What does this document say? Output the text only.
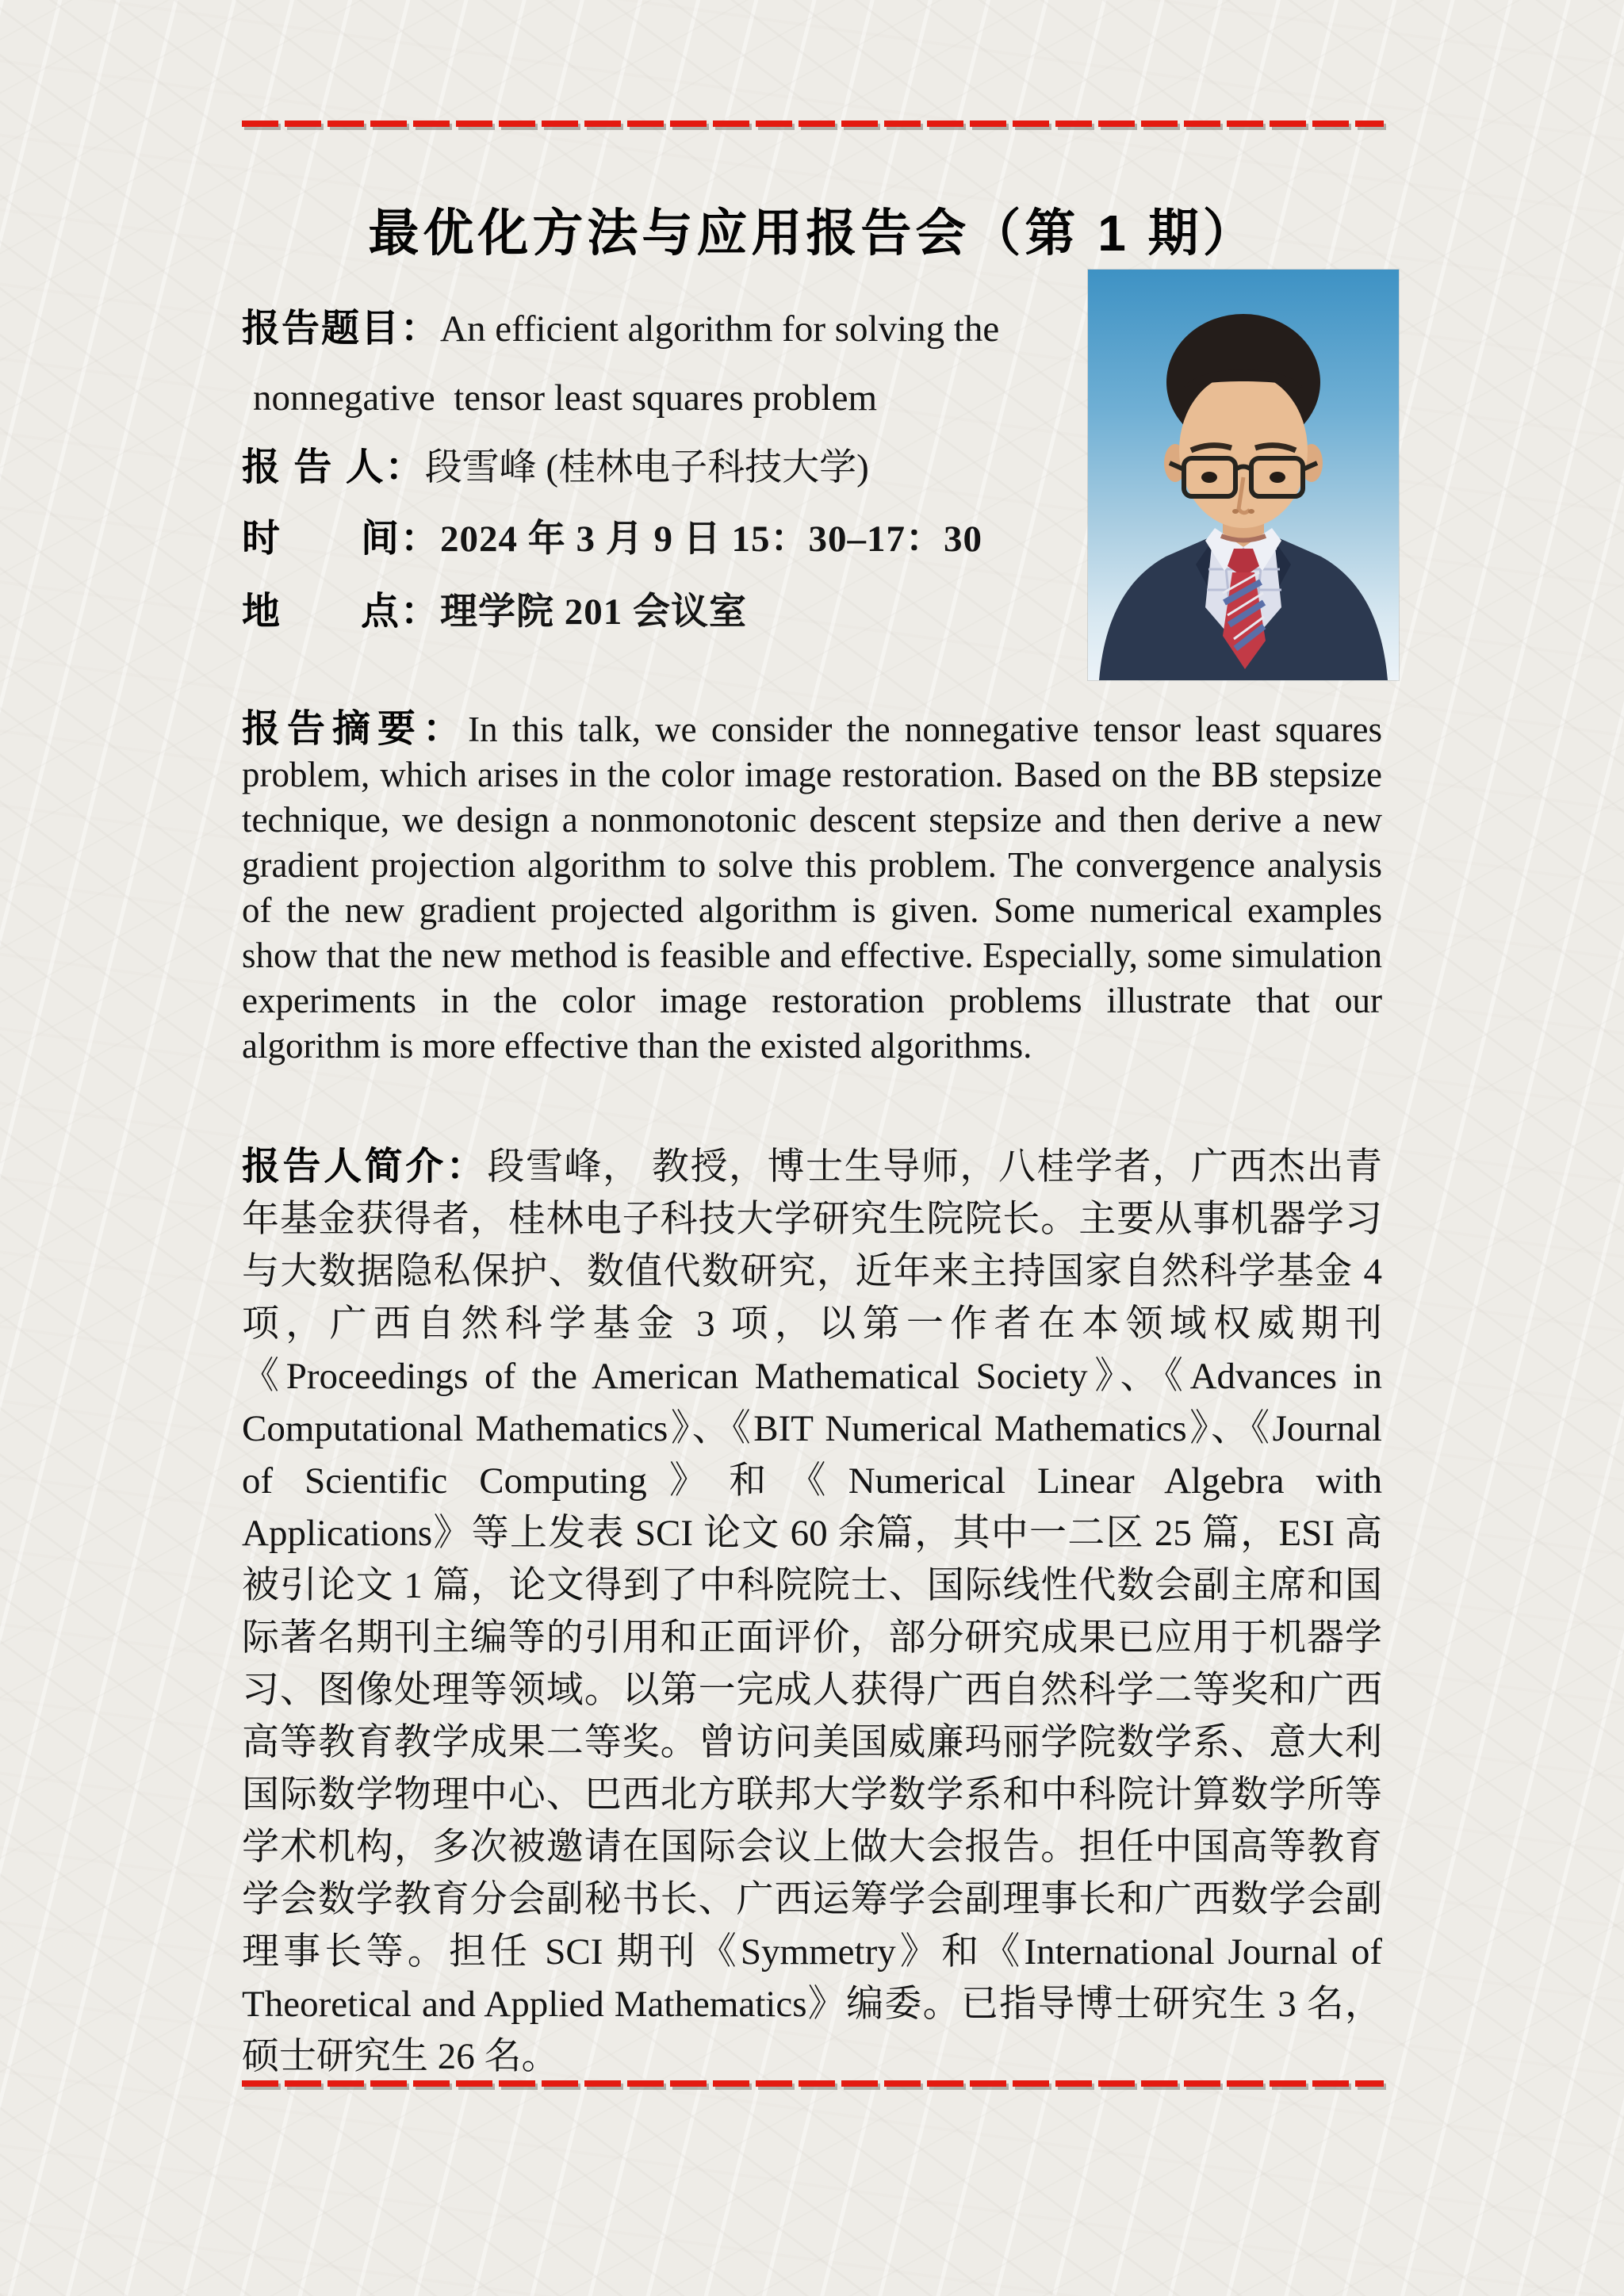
最优化方法与应用报告会（第 1 期）
报告题目：An efficient algorithm for solving the
nonnegative  tensor least squares problem
报 告 人：段雪峰 (桂林电子科技大学)
时　　间：2024 年 3 月 9 日 15：30–17：30
地　　点：理学院 201 会议室

报告摘要：In this talk, we consider the nonnegative tensor least squares problem, which arises in the color image restoration. Based on the BB stepsize technique, we design a nonmonotonic descent stepsize and then derive a new gradient projection algorithm to solve this problem. The convergence analysis of the new gradient projected algorithm is given. Some numerical examples show that the new method is feasible and effective. Especially, some simulation experiments in the color image restoration problems illustrate that our algorithm is more effective than the existed algorithms.

报告人简介：段雪峰， 教授，博士生导师，八桂学者，广西杰出青年基金获得者，桂林电子科技大学研究生院院长。主要从事机器学习与大数据隐私保护、数值代数研究，近年来主持国家自然科学基金 4 项，广西自然科学基金 3 项，以第一作者在本领域权威期刊《Proceedings of the American Mathematical Society》、《Advances in Computational Mathematics》、《BIT Numerical Mathematics》、《Journal of Scientific Computing》和《Numerical Linear Algebra with Applications》等上发表 SCI 论文 60 余篇，其中一二区 25 篇，ESI 高被引论文 1 篇，论文得到了中科院院士、国际线性代数会副主席和国际著名期刊主编等的引用和正面评价，部分研究成果已应用于机器学习、图像处理等领域。以第一完成人获得广西自然科学二等奖和广西高等教育教学成果二等奖。曾访问美国威廉玛丽学院数学系、意大利国际数学物理中心、巴西北方联邦大学数学系和中科院计算数学所等学术机构，多次被邀请在国际会议上做大会报告。担任中国高等教育学会数学教育分会副秘书长、广西运筹学会副理事长和广西数学会副理事长等。担任 SCI 期刊《Symmetry》和《International Journal of Theoretical and Applied Mathematics》编委。已指导博士研究生 3 名，硕士研究生 26 名。
